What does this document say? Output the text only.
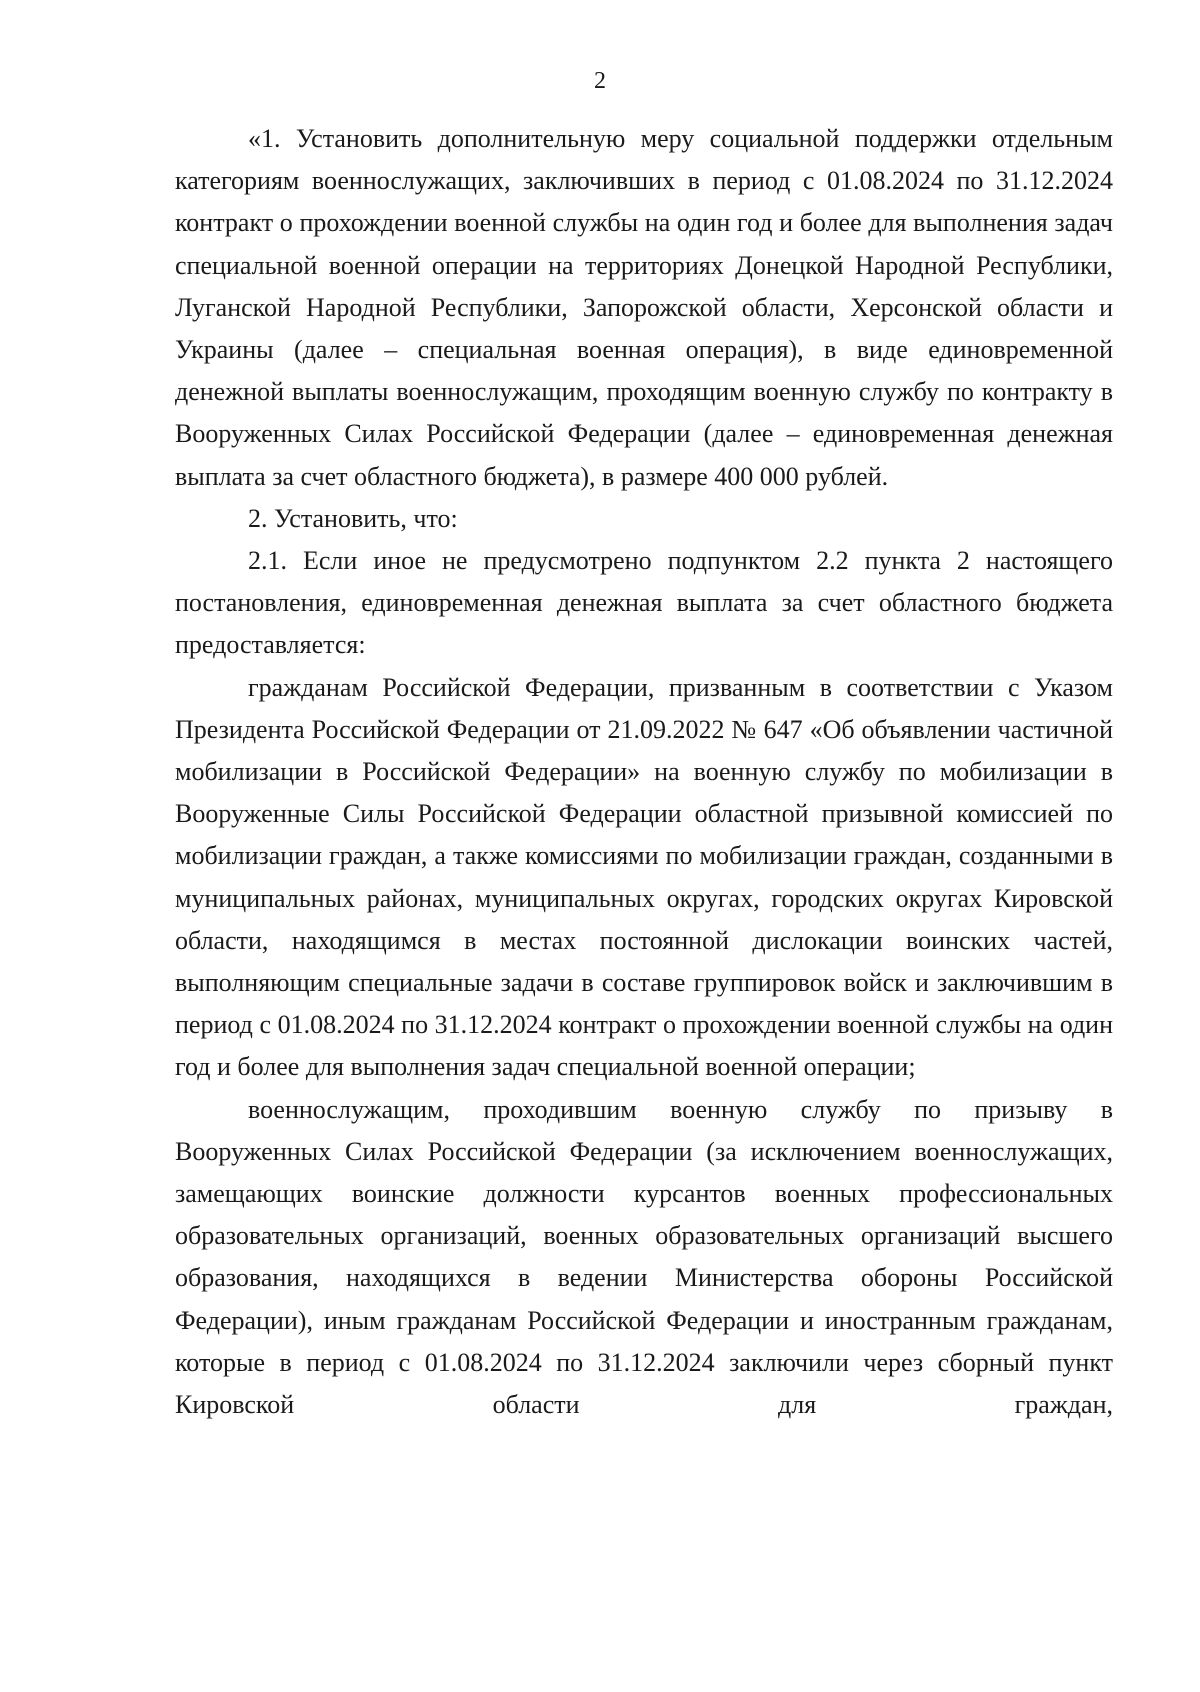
2

«1. Установить дополнительную меру социальной поддержки отдельным категориям военнослужащих, заключивших в период с 01.08.2024 по 31.12.2024 контракт о прохождении военной службы на один год и более для выполнения задач специальной военной операции на территориях Донецкой Народной Республики, Луганской Народной Республики, Запорожской области, Херсонской области и Украины (далее – специальная военная операция), в виде единовременной денежной выплаты военнослужащим, проходящим военную службу по контракту в Вооруженных Силах Российской Федерации (далее – единовременная денежная выплата за счет областного бюджета), в размере 400 000 рублей.

2. Установить, что:

2.1. Если иное не предусмотрено подпунктом 2.2 пункта 2 настоящего постановления, единовременная денежная выплата за счет областного бюджета предоставляется:

гражданам Российской Федерации, призванным в соответствии с Указом Президента Российской Федерации от 21.09.2022 № 647 «Об объявлении частичной мобилизации в Российской Федерации» на военную службу по мобилизации в Вооруженные Силы Российской Федерации областной призывной комиссией по мобилизации граждан, а также комиссиями по мобилизации граждан, созданными в муниципальных районах, муниципальных округах, городских округах Кировской области, находящимся в местах постоянной дислокации воинских частей, выполняющим специальные задачи в составе группировок войск и заключившим в период с 01.08.2024 по 31.12.2024 контракт о прохождении военной службы на один год и более для выполнения задач специальной военной операции;

военнослужащим, проходившим военную службу по призыву в Вооруженных Силах Российской Федерации (за исключением военнослужащих, замещающих воинские должности курсантов военных профессиональных образовательных организаций, военных образовательных организаций высшего образования, находящихся в ведении Министерства обороны Российской Федерации), иным гражданам Российской Федерации и иностранным гражданам, которые в период с 01.08.2024 по 31.12.2024 заключили через сборный пункт Кировской области для граждан,
